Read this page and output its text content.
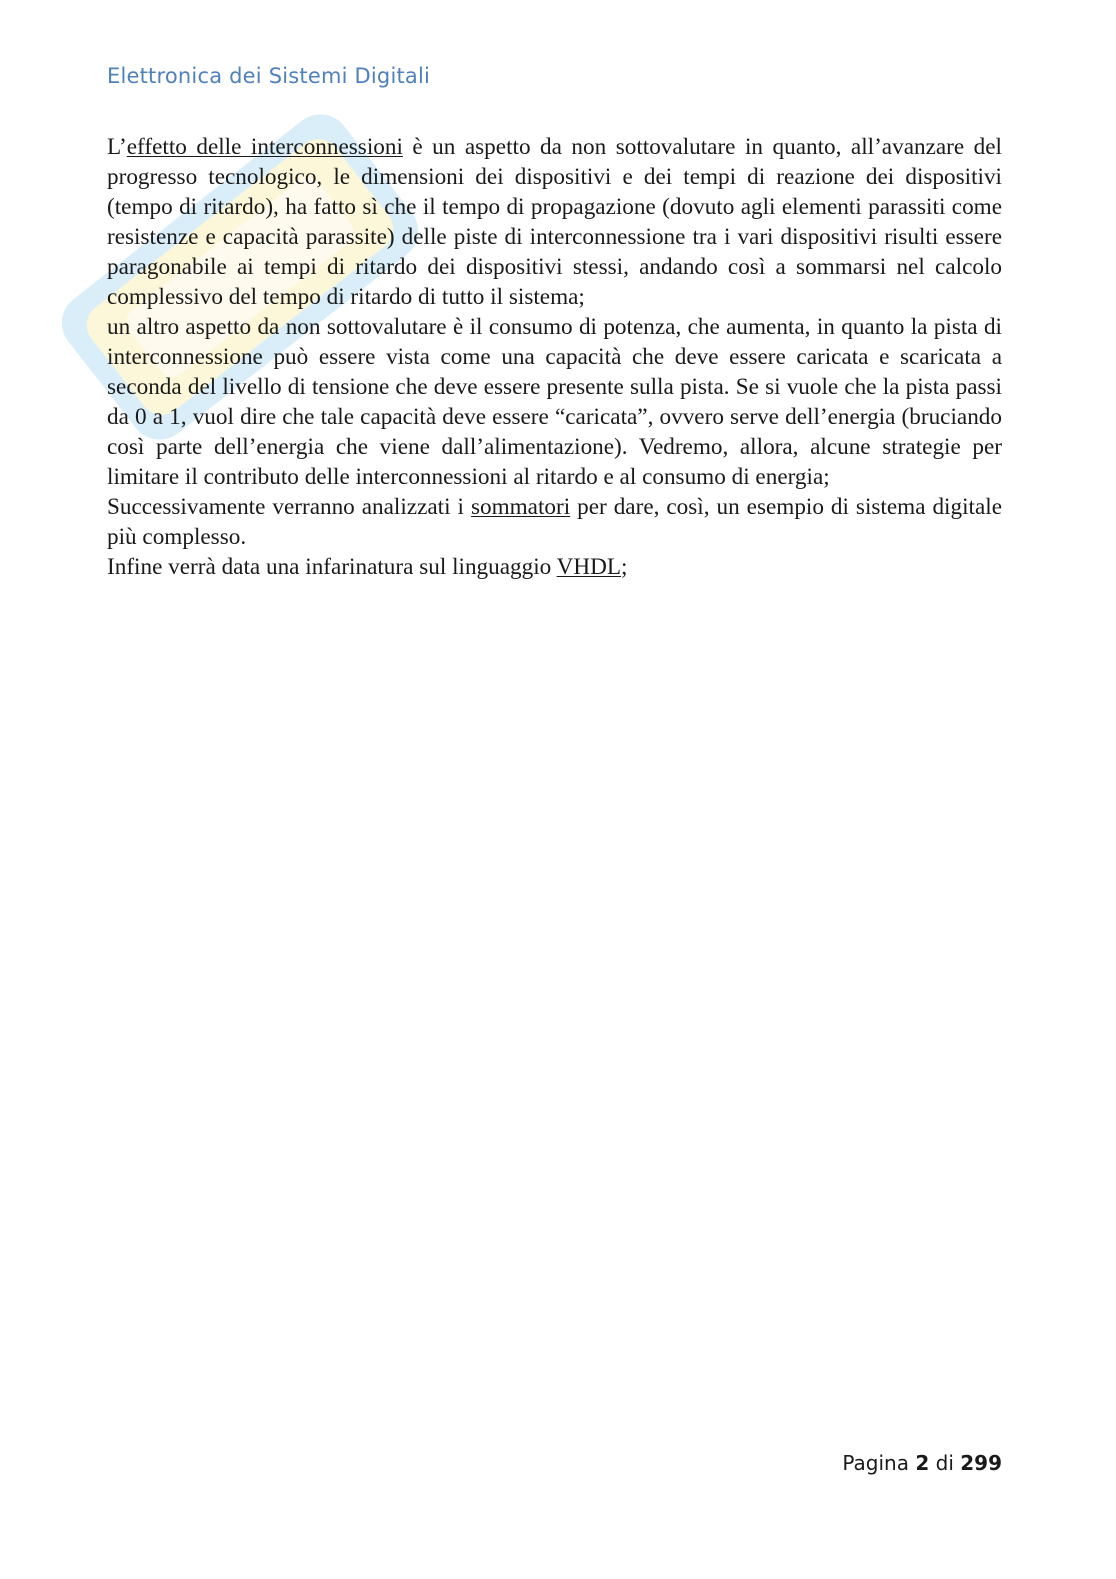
Elettronica dei Sistemi Digitali

L’effetto delle interconnessioni è un aspetto da non sottovalutare in quanto, all’avanzare del progresso tecnologico, le dimensioni dei dispositivi e dei tempi di reazione dei dispositivi (tempo di ritardo), ha fatto sì che il tempo di propagazione (dovuto agli elementi parassiti come resistenze e capacità parassite) delle piste di interconnessione tra i vari dispositivi risulti essere paragonabile ai tempi di ritardo dei dispositivi stessi, andando così a sommarsi nel calcolo complessivo del tempo di ritardo di tutto il sistema;

un altro aspetto da non sottovalutare è il consumo di potenza, che aumenta, in quanto la pista di interconnessione può essere vista come una capacità che deve essere caricata e scaricata a seconda del livello di tensione che deve essere presente sulla pista. Se si vuole che la pista passi da 0 a 1, vuol dire che tale capacità deve essere “caricata”, ovvero serve dell’energia (bruciando così parte dell’energia che viene dall’alimentazione). Vedremo, allora, alcune strategie per limitare il contributo delle interconnessioni al ritardo e al consumo di energia;

Successivamente verranno analizzati i sommatori per dare, così, un esempio di sistema digitale più complesso.

Infine verrà data una infarinatura sul linguaggio VHDL;

Pagina 2 di 299
